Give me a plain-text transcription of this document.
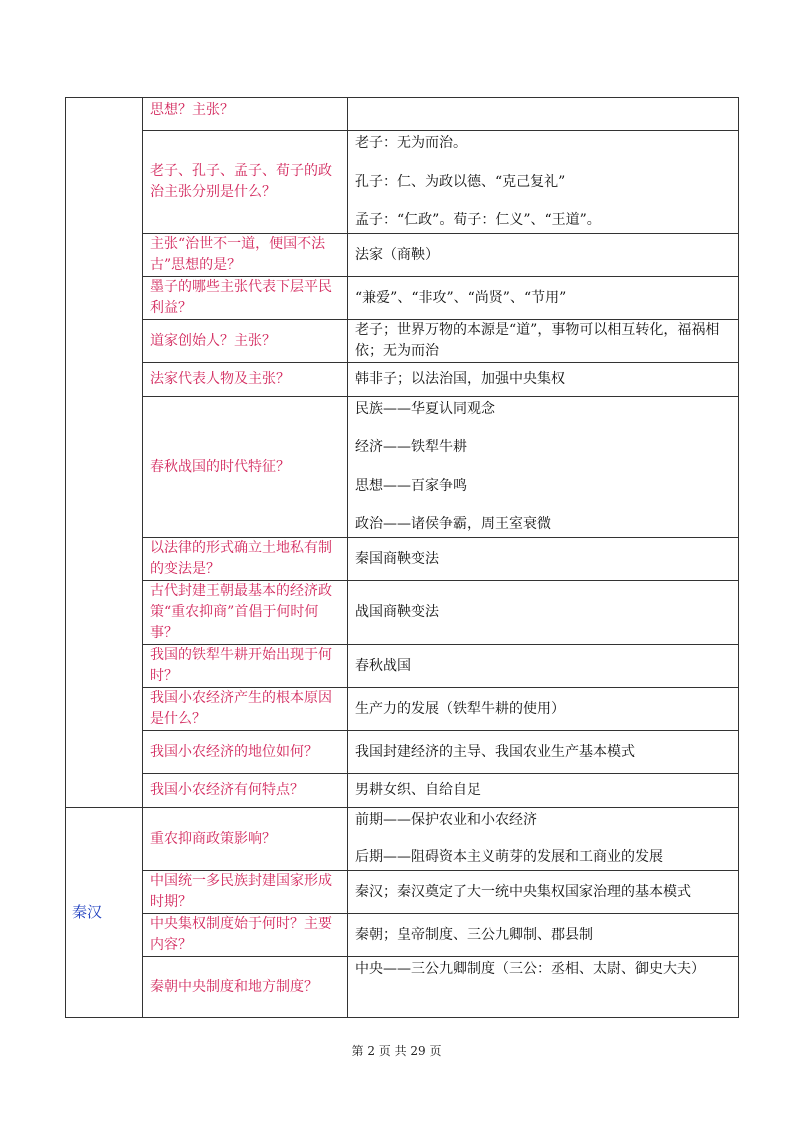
	思想？主张？	
	老子、孔子、孟子、荀子的政治主张分别是什么？	老子：无为而治。
孔子：仁、为政以德、“克己复礼”
孟子：“仁政”。荀子：仁义”、“王道”。

	主张“治世不一道，便国不法古”思想的是？	法家（商鞅）
	墨子的哪些主张代表下层平民利益？	“兼爱”、“非攻”、“尚贤”、“节用”
	道家创始人？主张？	老子；世界万物的本源是“道”，事物可以相互转化，福祸相依；无为而治
	法家代表人物及主张？	韩非子；以法治国，加强中央集权
	春秋战国的时代特征？	民族——华夏认同观念
经济——铁犁牛耕
思想——百家争鸣
政治——诸侯争霸，周王室衰微

	以法律的形式确立土地私有制的变法是？	秦国商鞅变法
	古代封建王朝最基本的经济政策“重农抑商”首倡于何时何事？	战国商鞅变法
	我国的铁犁牛耕开始出现于何时？	春秋战国
	我国小农经济产生的根本原因是什么？	生产力的发展（铁犁牛耕的使用）
	我国小农经济的地位如何？	我国封建经济的主导、我国农业生产基本模式
	我国小农经济有何特点？	男耕女织、自给自足
秦汉	重农抑商政策影响？	前期——保护农业和小农经济
后期——阻碍资本主义萌芽的发展和工商业的发展

	中国统一多民族封建国家形成时期？	秦汉；秦汉奠定了大一统中央集权国家治理的基本模式
	中央集权制度始于何时？主要内容？	秦朝；皇帝制度、三公九卿制、郡县制
	秦朝中央制度和地方制度？	中央——三公九卿制度（三公：丞相、太尉、御史大夫）
第 2 页 共 29 页
